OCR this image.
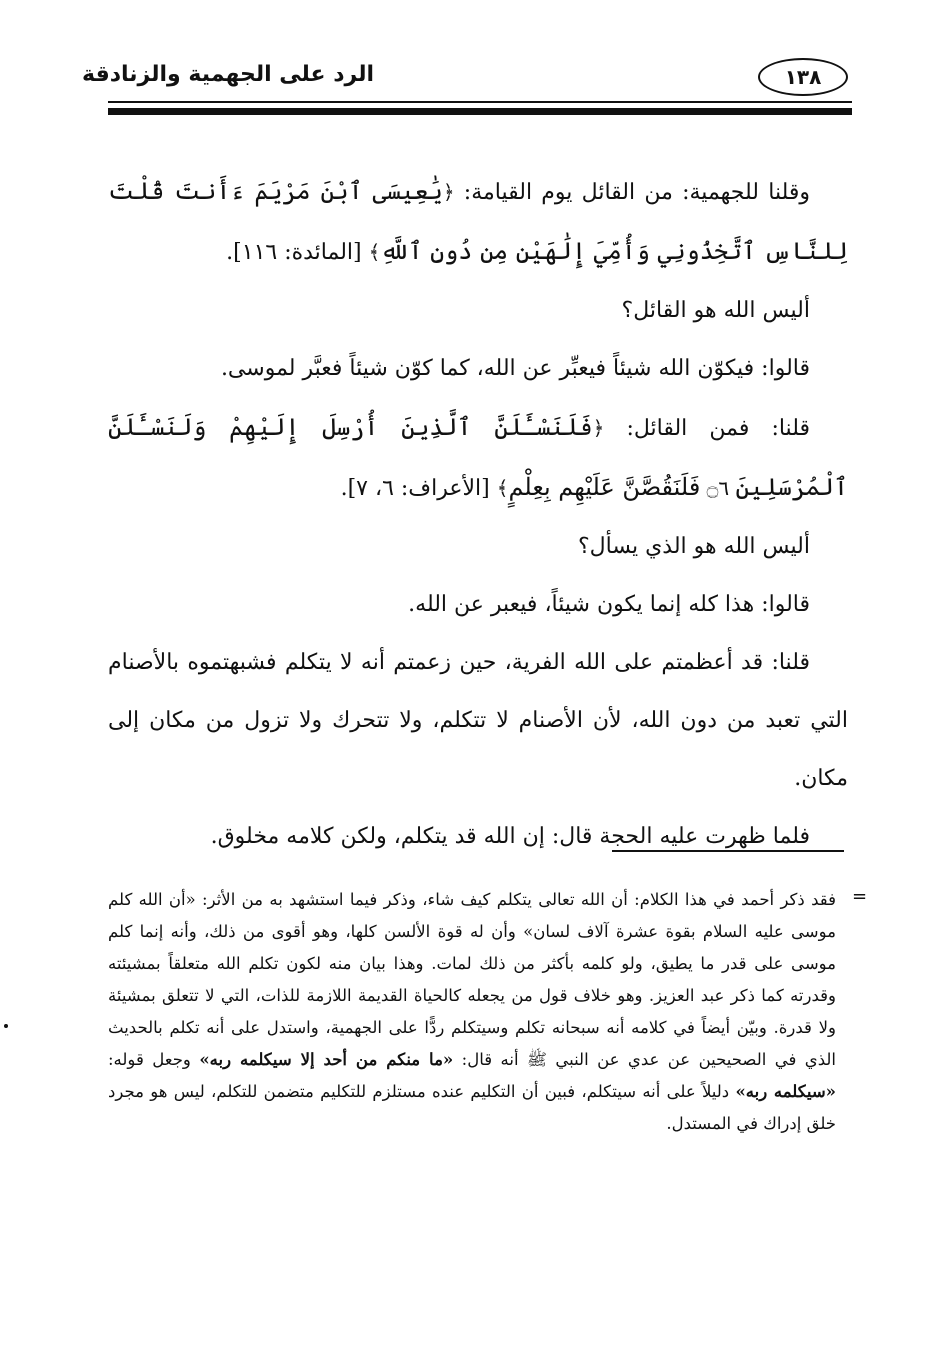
١٣٨
الرد على الجهمية والزنادقة

وقلنا للجهمية: من القائل يوم القيامة: ﴿يَٰعِيسَى ٱبْنَ مَرْيَمَ ءَأَنتَ قُلْتَ لِلنَّاسِ ٱتَّخِذُونِي وَأُمِّيَ إِلَٰهَيْنِ مِن دُونِ ٱللَّهِ﴾ [المائدة: ١١٦].

أليس الله هو القائل؟

قالوا: فيكوّن الله شيئاً فيعبِّر عن الله، كما كوّن شيئاً فعبَّر لموسى.

قلنا: فمن القائل: ﴿فَلَنَسْـَٔلَنَّ ٱلَّذِينَ أُرْسِلَ إِلَيْهِمْ وَلَنَسْـَٔلَنَّ ٱلْمُرْسَلِينَ ۝٦ فَلَنَقُصَّنَّ عَلَيْهِم بِعِلْمٍ﴾ [الأعراف: ٦، ٧].

أليس الله هو الذي يسأل؟

قالوا: هذا كله إنما يكون شيئاً، فيعبر عن الله.

قلنا: قد أعظمتم على الله الفرية، حين زعمتم أنه لا يتكلم فشبهتموه بالأصنام التي تعبد من دون الله، لأن الأصنام لا تتكلم، ولا تتحرك ولا تزول من مكان إلى مكان.

فلما ظهرت عليه الحجة قال: إن الله قد يتكلم، ولكن كلامه مخلوق.

=
فقد ذكر أحمد في هذا الكلام: أن الله تعالى يتكلم كيف شاء، وذكر فيما استشهد به من الأثر: «أن الله كلم موسى عليه السلام بقوة عشرة آلاف لسان» وأن له قوة الألسن كلها، وهو أقوى من ذلك، وأنه إنما كلم موسى على قدر ما يطيق، ولو كلمه بأكثر من ذلك لمات. وهذا بيان منه لكون تكلم الله متعلقاً بمشيئته وقدرته كما ذكر عبد العزيز. وهو خلاف قول من يجعله كالحياة القديمة اللازمة للذات، التي لا تتعلق بمشيئة ولا قدرة. وبيّن أيضاً في كلامه أنه سبحانه تكلم وسيتكلم ردًّا على الجهمية، واستدل على أنه تكلم بالحديث الذي في الصحيحين عن عدي عن النبي ﷺ أنه قال: «ما منكم من أحد إلا سيكلمه ربه» وجعل قوله: «سيكلمه ربه» دليلاً على أنه سيتكلم، فبين أن التكليم عنده مستلزم للتكليم متضمن للتكلم، ليس هو مجرد خلق إدراك في المستدل.
